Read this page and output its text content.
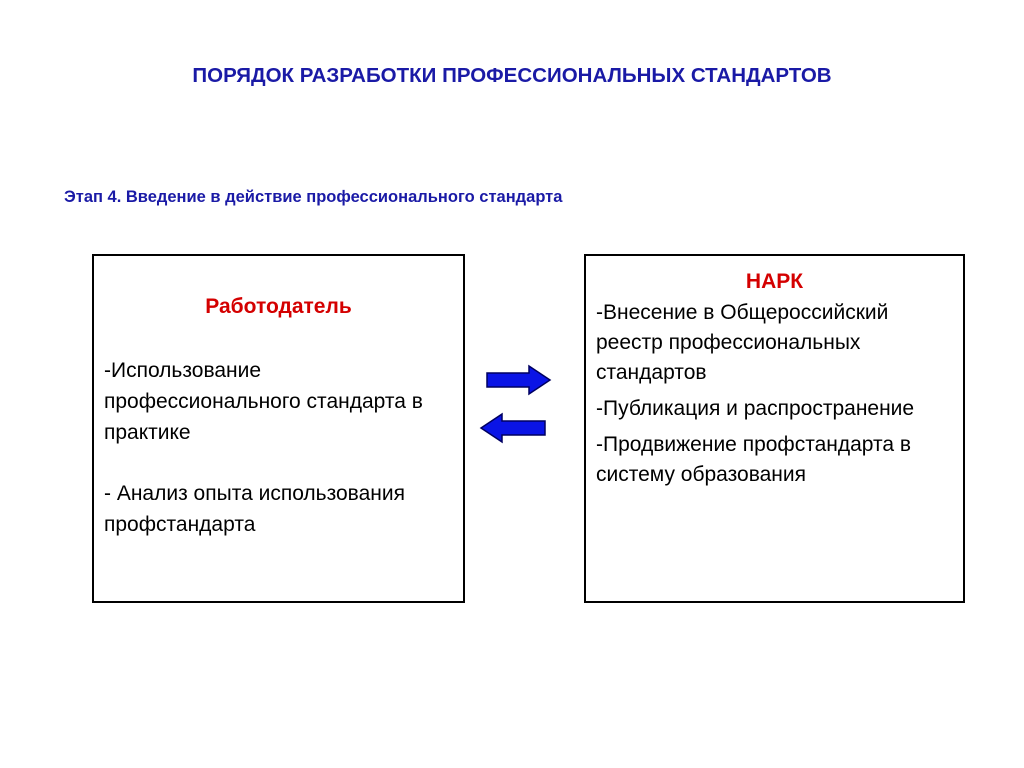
ПОРЯДОК РАЗРАБОТКИ ПРОФЕССИОНАЛЬНЫХ СТАНДАРТОВ

Этап 4. Введение в действие профессионального стандарта

Работодатель

-Использование профессионального стандарта в практике

- Анализ опыта использования профстандарта

НАРК

-Внесение в Общероссийский реестр профессиональных стандартов

-Публикация и распространение

-Продвижение профстандарта в систему образования
